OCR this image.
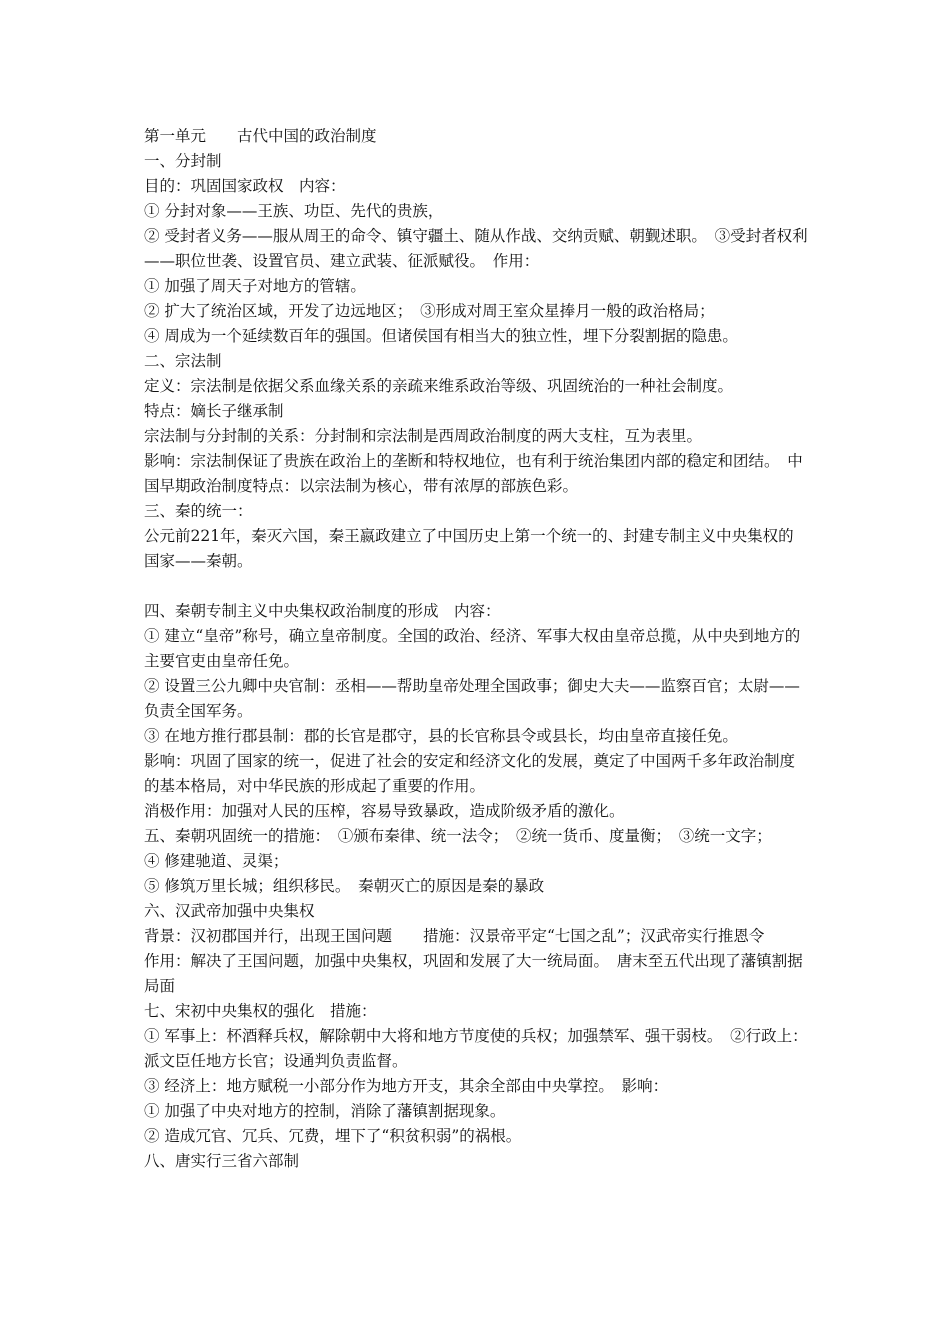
第一单元　　古代中国的政治制度

一、分封制

目的：巩固国家政权　内容：

① 分封对象——王族、功臣、先代的贵族，

② 受封者义务——服从周王的命令、镇守疆土、随从作战、交纳贡赋、朝觐述职。　③受封者权利——职位世袭、设置官员、建立武装、征派赋役。　作用：

① 加强了周天子对地方的管辖。

② 扩大了统治区域，开发了边远地区；　③形成对周王室众星捧月一般的政治格局；

④ 周成为一个延续数百年的强国。但诸侯国有相当大的独立性，埋下分裂割据的隐患。

二、宗法制

定义：宗法制是依据父系血缘关系的亲疏来维系政治等级、巩固统治的一种社会制度。

特点：嫡长子继承制

宗法制与分封制的关系：分封制和宗法制是西周政治制度的两大支柱，互为表里。

影响：宗法制保证了贵族在政治上的垄断和特权地位，也有利于统治集团内部的稳定和团结。　中国早期政治制度特点：以宗法制为核心，带有浓厚的部族色彩。

三、秦的统一：

公元前221年，秦灭六国，秦王嬴政建立了中国历史上第一个统一的、封建专制主义中央集权的国家——秦朝。

四、秦朝专制主义中央集权政治制度的形成　内容：

① 建立“皇帝”称号，确立皇帝制度。全国的政治、经济、军事大权由皇帝总揽，从中央到地方的主要官吏由皇帝任免。

② 设置三公九卿中央官制：丞相——帮助皇帝处理全国政事；御史大夫——监察百官；太尉——负责全国军务。

③ 在地方推行郡县制：郡的长官是郡守，县的长官称县令或县长，均由皇帝直接任免。

影响：巩固了国家的统一，促进了社会的安定和经济文化的发展，奠定了中国两千多年政治制度的基本格局，对中华民族的形成起了重要的作用。

消极作用：加强对人民的压榨，容易导致暴政，造成阶级矛盾的激化。

五、秦朝巩固统一的措施：　①颁布秦律、统一法令；　②统一货币、度量衡；　③统一文字；

④ 修建驰道、灵渠；

⑤ 修筑万里长城；组织移民。　秦朝灭亡的原因是秦的暴政

六、汉武帝加强中央集权

背景：汉初郡国并行，出现王国问题　　措施：汉景帝平定“七国之乱”；汉武帝实行推恩令

作用：解决了王国问题，加强中央集权，巩固和发展了大一统局面。　唐末至五代出现了藩镇割据局面

七、宋初中央集权的强化　措施：

① 军事上：杯酒释兵权，解除朝中大将和地方节度使的兵权；加强禁军、强干弱枝。　②行政上：派文臣任地方长官；设通判负责监督。

③ 经济上：地方赋税一小部分作为地方开支，其余全部由中央掌控。　影响：

① 加强了中央对地方的控制，消除了藩镇割据现象。

② 造成冗官、冗兵、冗费，埋下了“积贫积弱”的祸根。

八、唐实行三省六部制
